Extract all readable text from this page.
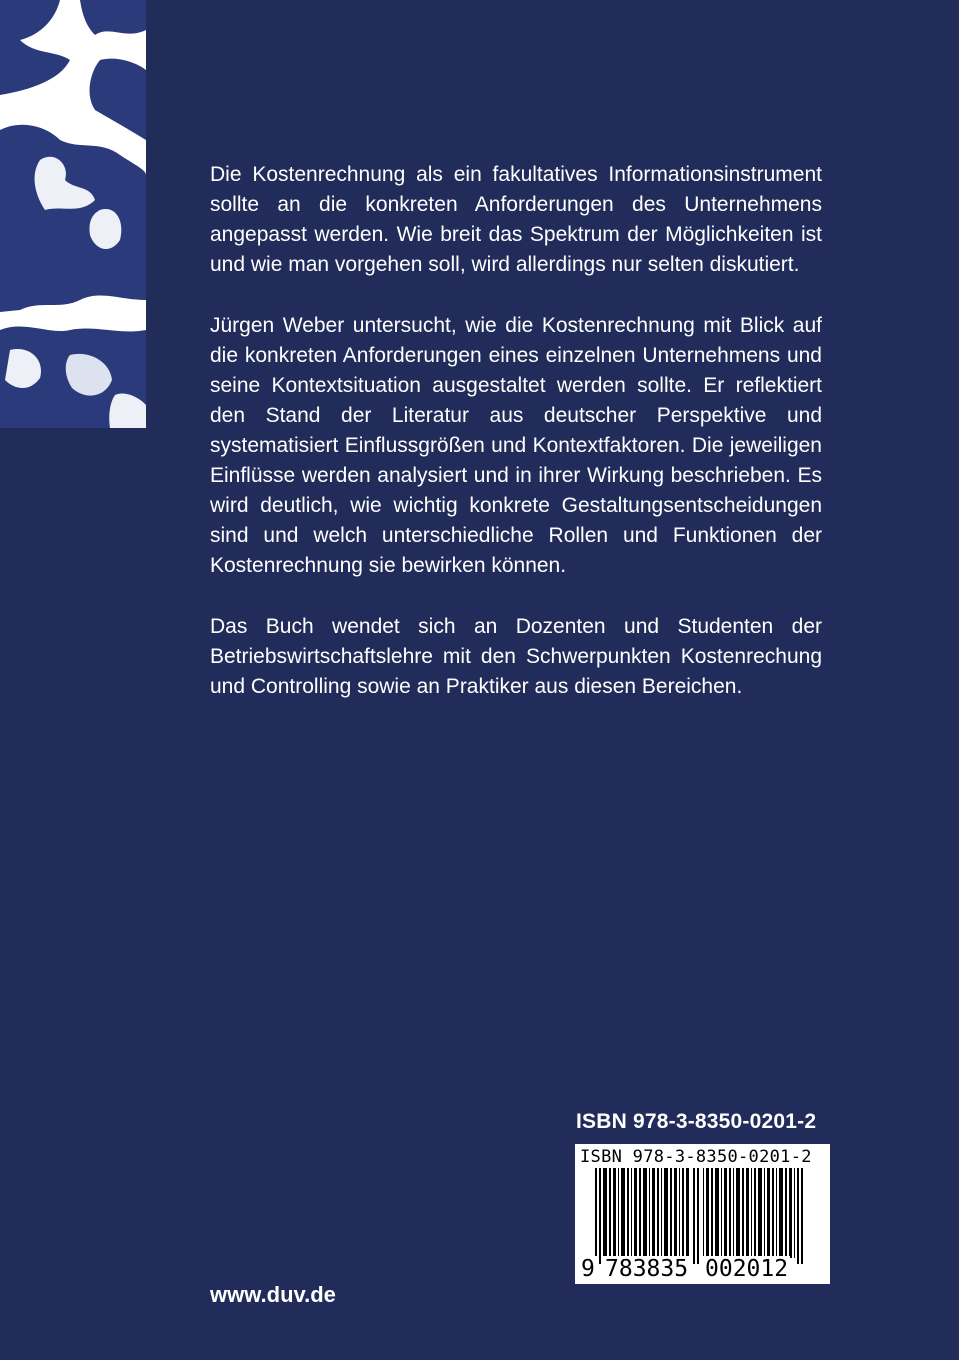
Die Kostenrechnung als ein fakultatives Informationsinstrument sollte an die konkreten Anforderungen des Unternehmens angepasst werden. Wie breit das Spektrum der Möglichkeiten ist und wie man vorgehen soll, wird allerdings nur selten diskutiert.

Jürgen Weber untersucht, wie die Kostenrechnung mit Blick auf die konkreten Anforderungen eines einzelnen Unternehmens und seine Kontextsituation ausgestaltet werden sollte. Er reflektiert den Stand der Literatur aus deutscher Perspektive und systematisiert Einflussgrößen und Kontextfaktoren. Die jeweiligen Einflüsse werden analysiert und in ihrer Wirkung beschrieben. Es wird deutlich, wie wichtig konkrete Gestaltungsentscheidungen sind und welch unterschiedliche Rollen und Funktionen der Kostenrechnung sie bewirken können.

Das Buch wendet sich an Dozenten und Studenten der Betriebswirtschaftslehre mit den Schwerpunkten Kostenrechung und Controlling sowie an Praktiker aus diesen Bereichen.

ISBN 978-3-8350-0201-2
ISBN 978-3-8350-0201-2
9 783835 002012
www.duv.de
